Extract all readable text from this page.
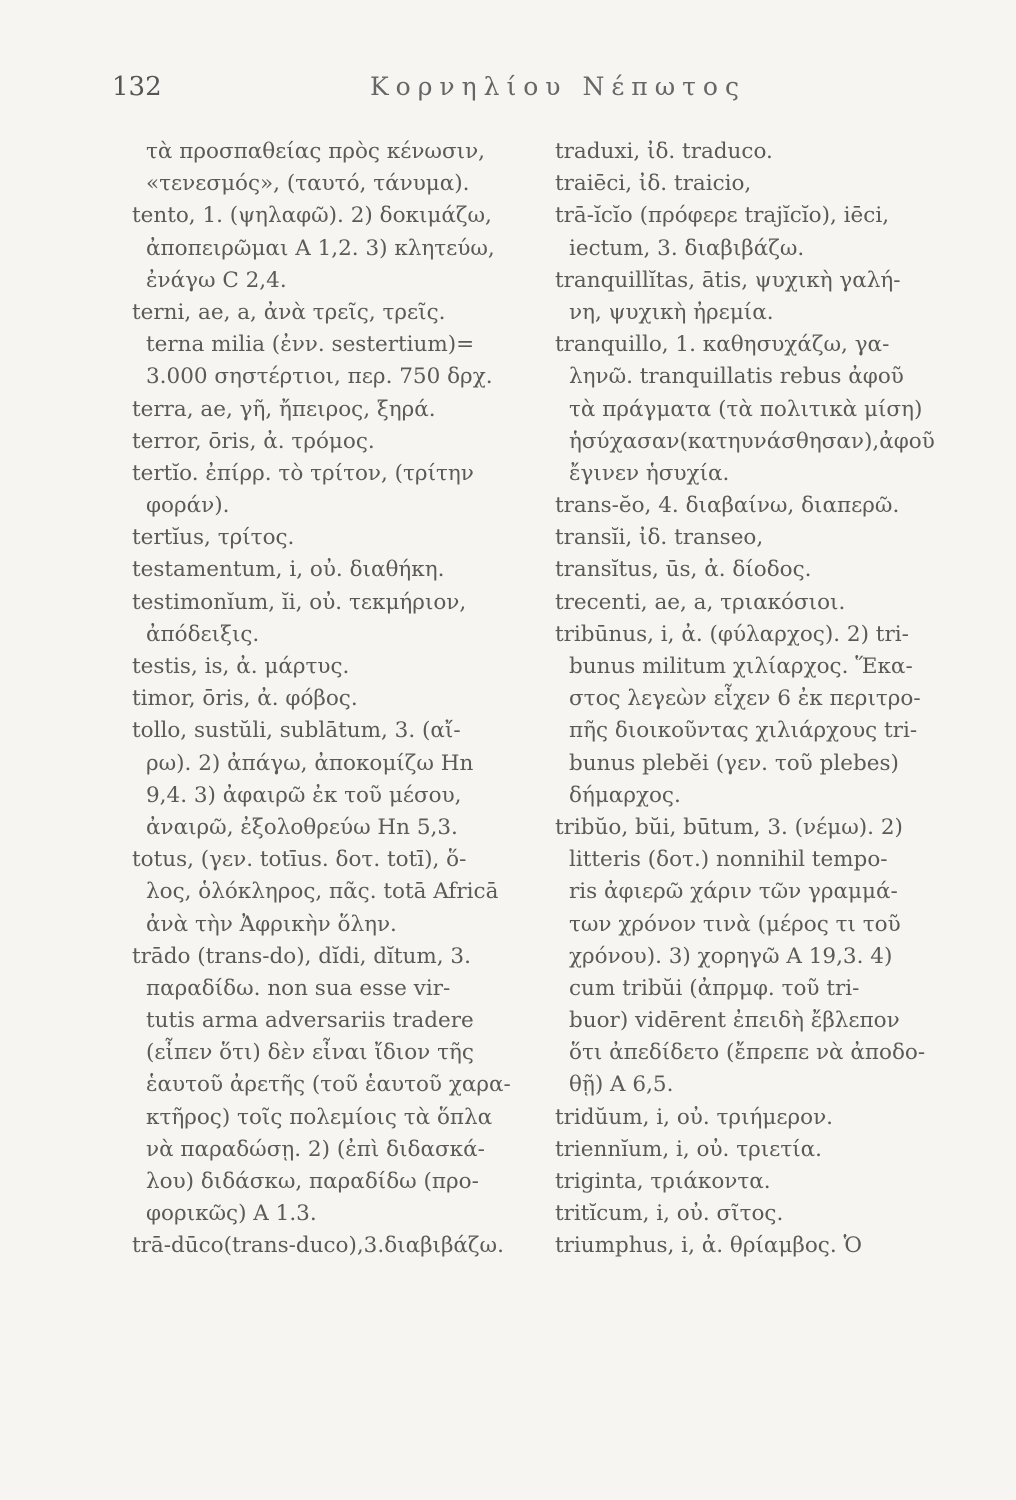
132	Κορνηλίου Νέπωτος
τὰ προσπαθείας πρὸς κένωσιν,
«τενεσμός», (ταυτό, τάνυμα).
tento, 1. (ψηλαφῶ). 2) δοκιμάζω,
ἀποπειρῶμαι A 1,2. 3) κλητεύω,
ἐνάγω C 2,4.
terni, ae, a, ἀνὰ τρεῖς, τρεῖς.
terna milia (ἐνν. sestertium)=
3.000 σηστέρτιοι, περ. 750 δρχ.
terra, ae, γῆ, ἤπειρος, ξηρά.
terror, ōris, ἀ. τρόμος.
tertĭo. ἐπίρρ. τὸ τρίτον, (τρίτην
φοράν).
tertĭus, τρίτος.
testamentum, i, οὐ. διαθήκη.
testimonĭum, ĭi, οὐ. τεκμήριον,
ἀπόδειξις.
testis, is, ἀ. μάρτυς.
timor, ōris, ἀ. φόβος.
tollo, sustŭli, sublātum, 3. (αἴ-
ρω). 2) ἀπάγω, ἀποκομίζω Hn
9,4. 3) ἀφαιρῶ ἐκ τοῦ μέσου,
ἀναιρῶ, ἐξολοθρεύω Hn 5,3.
totus, (γεν. totīus. δοτ. totī), ὅ-
λος, ὁλόκληρος, πᾶς. totā Africā
ἀνὰ τὴν Ἀφρικὴν ὅλην.
trādo (trans-do), dĭdi, dĭtum, 3.
παραδίδω. non sua esse vir-
tutis arma adversariis tradere
(εἶπεν ὅτι) δὲν εἶναι ἴδιον τῆς
ἑαυτοῦ ἀρετῆς (τοῦ ἑαυτοῦ χαρα-
κτῆρος) τοῖς πολεμίοις τὰ ὅπλα
νὰ παραδώσῃ. 2) (ἐπὶ διδασκά-
λου) διδάσκω, παραδίδω (προ-
φορικῶς) A 1.3.
trā-dūco(trans-duco),3.διαβιβάζω.
traduxi, ἰδ. traduco.
traiēci, ἰδ. traicio,
trā-ĭcĭo (πρόφερε trajĭcĭo), iēci,
iectum, 3. διαβιβάζω.
tranquillĭtas, ātis, ψυχικὴ γαλή-
νη, ψυχικὴ ἠρεμία.
tranquillo, 1. καθησυχάζω, γα-
ληνῶ. tranquillatis rebus ἀφοῦ
τὰ πράγματα (τὰ πολιτικὰ μίση)
ἡσύχασαν(κατηυνάσθησαν),ἀφοῦ
ἔγινεν ἡσυχία.
trans-ĕo, 4. διαβαίνω, διαπερῶ.
transĭi, ἰδ. transeo,
transĭtus, ūs, ἀ. δίοδος.
trecenti, ae, a, τριακόσιοι.
tribūnus, i, ἀ. (φύλαρχος). 2) tri-
bunus militum χιλίαρχος. Ἕκα-
στος λεγεὼν εἶχεν 6 ἐκ περιτρο-
πῆς διοικοῦντας χιλιάρχους tri-
bunus plebĕi (γεν. τοῦ plebes)
δήμαρχος.
tribŭo, bŭi, būtum, 3. (νέμω). 2)
litteris (δοτ.) nonnihil tempo-
ris ἀφιερῶ χάριν τῶν γραμμά-
των χρόνον τινὰ (μέρος τι τοῦ
χρόνου). 3) χορηγῶ A 19,3. 4)
cum tribŭi (ἀπρμφ. τοῦ tri-
buor) vidērent ἐπειδὴ ἔβλεπον
ὅτι ἀπεδίδετο (ἔπρεπε νὰ ἀποδο-
θῇ) A 6,5.
tridŭum, i, οὐ. τριήμερον.
triennĭum, i, οὐ. τριετία.
triginta, τριάκοντα.
tritĭcum, i, οὐ. σῖτος.
triumphus, i, ἀ. θρίαμβος. Ὁ
